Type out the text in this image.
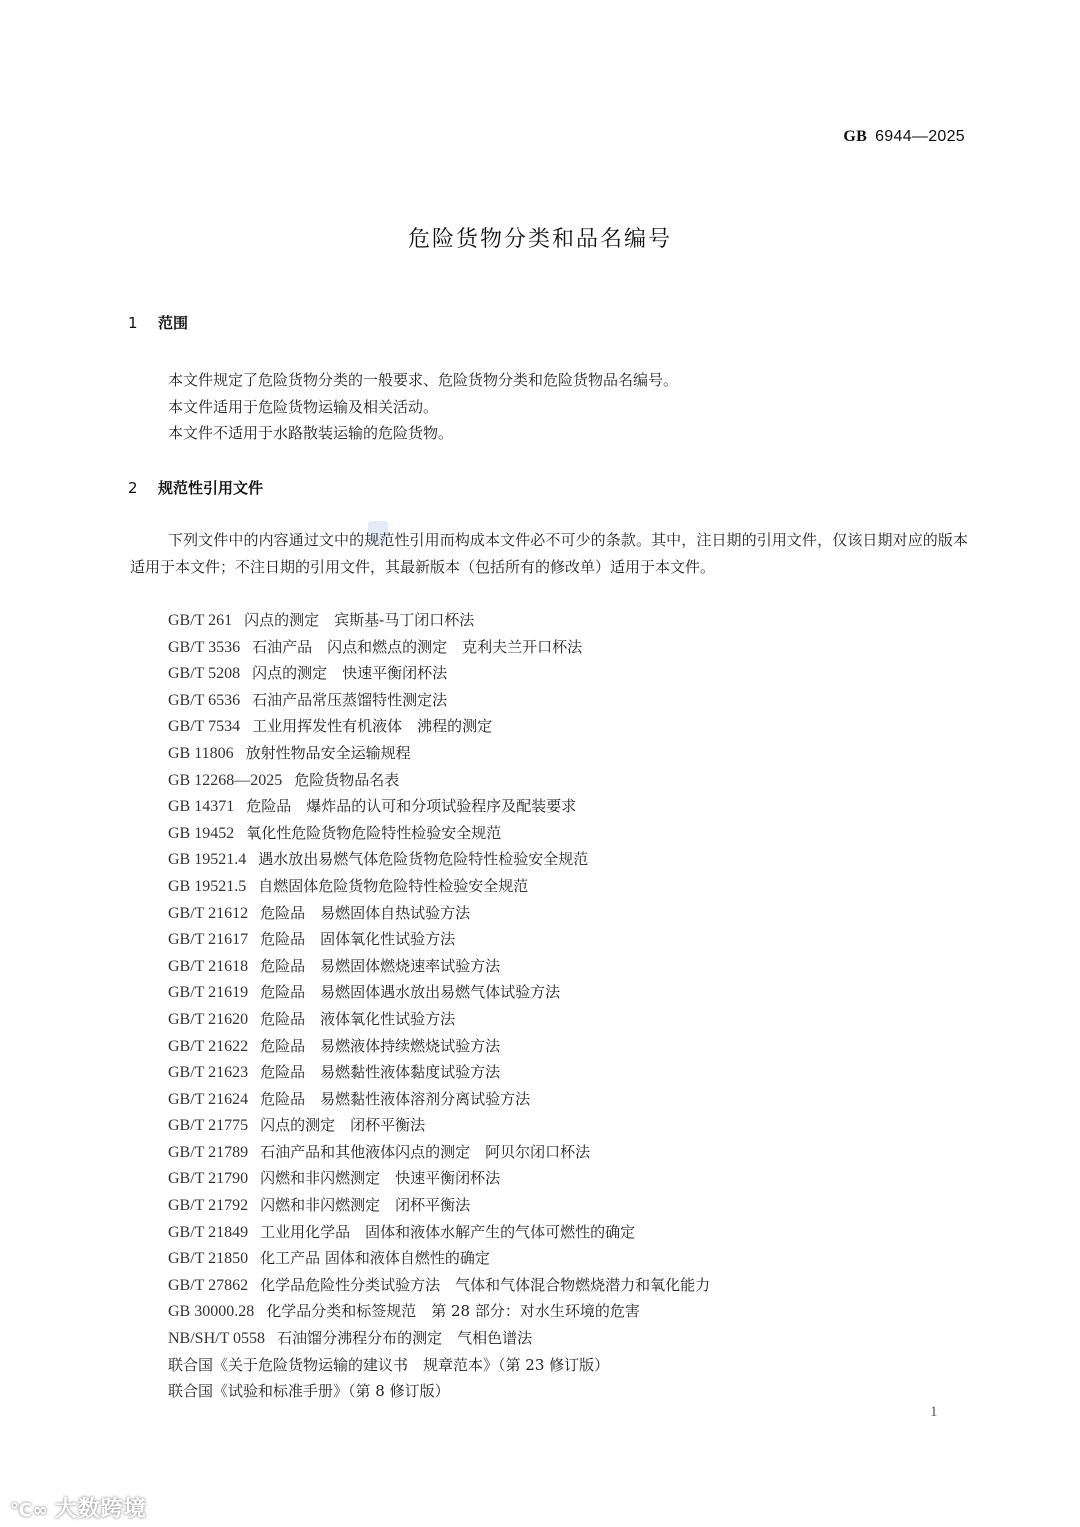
GB 6944—2025
危险货物分类和品名编号
1 范围
本文件规定了危险货物分类的一般要求、危险货物分类和危险货物品名编号。
本文件适用于危险货物运输及相关活动。
本文件不适用于水路散装运输的危险货物。
2 规范性引用文件
下列文件中的内容通过文中的规范性引用而构成本文件必不可少的条款。其中，注日期的引用文件，仅该日期对应的版本适用于本文件；不注日期的引用文件，其最新版本（包括所有的修改单）适用于本文件。
GB/T 261 闪点的测定　宾斯基-马丁闭口杯法
GB/T 3536 石油产品　闪点和燃点的测定　克利夫兰开口杯法
GB/T 5208 闪点的测定　快速平衡闭杯法
GB/T 6536 石油产品常压蒸馏特性测定法
GB/T 7534 工业用挥发性有机液体　沸程的测定
GB 11806 放射性物品安全运输规程
GB 12268—2025 危险货物品名表
GB 14371 危险品　爆炸品的认可和分项试验程序及配装要求
GB 19452 氧化性危险货物危险特性检验安全规范
GB 19521.4 遇水放出易燃气体危险货物危险特性检验安全规范
GB 19521.5 自燃固体危险货物危险特性检验安全规范
GB/T 21612 危险品　易燃固体自热试验方法
GB/T 21617 危险品　固体氧化性试验方法
GB/T 21618 危险品　易燃固体燃烧速率试验方法
GB/T 21619 危险品　易燃固体遇水放出易燃气体试验方法
GB/T 21620 危险品　液体氧化性试验方法
GB/T 21622 危险品　易燃液体持续燃烧试验方法
GB/T 21623 危险品　易燃黏性液体黏度试验方法
GB/T 21624 危险品　易燃黏性液体溶剂分离试验方法
GB/T 21775 闪点的测定　闭杯平衡法
GB/T 21789 石油产品和其他液体闪点的测定　阿贝尔闭口杯法
GB/T 21790 闪燃和非闪燃测定　快速平衡闭杯法
GB/T 21792 闪燃和非闪燃测定　闭杯平衡法
GB/T 21849 工业用化学品　固体和液体水解产生的气体可燃性的确定
GB/T 21850 化工产品 固体和液体自燃性的确定
GB/T 27862 化学品危险性分类试验方法　气体和气体混合物燃烧潜力和氧化能力
GB 30000.28 化学品分类和标签规范　第 28 部分：对水生环境的危害
NB/SH/T 0558 石油馏分沸程分布的测定　气相色谱法
联合国《关于危险货物运输的建议书　规章范本》（第 23 修订版）
联合国《试验和标准手册》（第 8 修订版）
1
℃∞ 大数跨境
